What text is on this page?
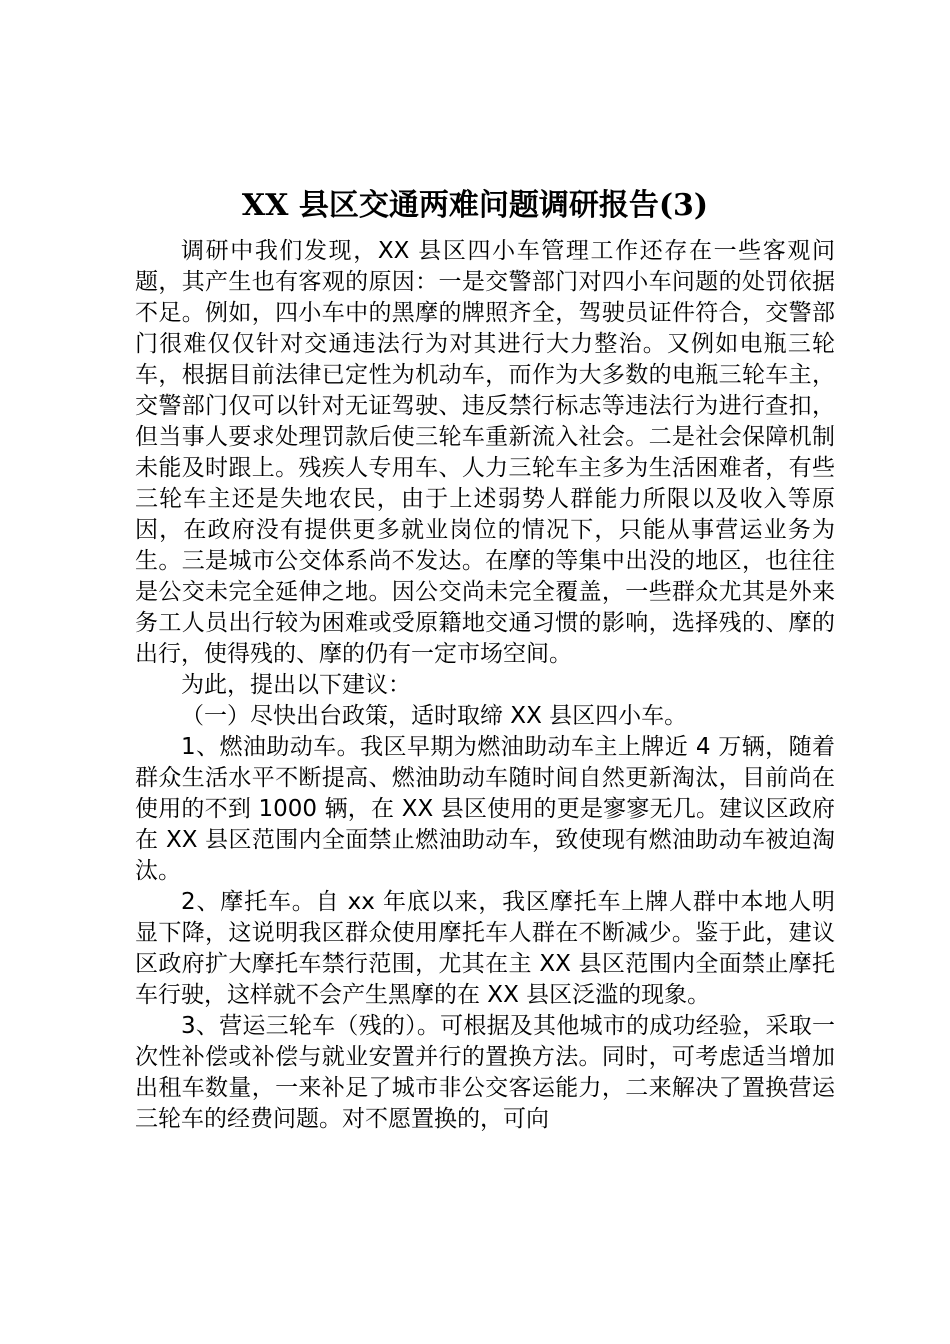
XX 县区交通两难问题调研报告(3)

调研中我们发现，XX 县区四小车管理工作还存在一些客观问题，其产生也有客观的原因：一是交警部门对四小车问题的处罚依据不足。例如，四小车中的黑摩的牌照齐全，驾驶员证件符合，交警部门很难仅仅针对交通违法行为对其进行大力整治。又例如电瓶三轮车，根据目前法律已定性为机动车，而作为大多数的电瓶三轮车主，交警部门仅可以针对无证驾驶、违反禁行标志等违法行为进行查扣，但当事人要求处理罚款后使三轮车重新流入社会。二是社会保障机制未能及时跟上。残疾人专用车、人力三轮车主多为生活困难者，有些三轮车主还是失地农民，由于上述弱势人群能力所限以及收入等原因，在政府没有提供更多就业岗位的情况下，只能从事营运业务为生。三是城市公交体系尚不发达。在摩的等集中出没的地区，也往往是公交未完全延伸之地。因公交尚未完全覆盖，一些群众尤其是外来务工人员出行较为困难或受原籍地交通习惯的影响，选择残的、摩的出行，使得残的、摩的仍有一定市场空间。

为此，提出以下建议：

（一）尽快出台政策，适时取缔 XX 县区四小车。

1、燃油助动车。我区早期为燃油助动车主上牌近 4 万辆，随着群众生活水平不断提高、燃油助动车随时间自然更新淘汰，目前尚在使用的不到 1000 辆，在 XX 县区使用的更是寥寥无几。建议区政府在 XX 县区范围内全面禁止燃油助动车，致使现有燃油助动车被迫淘汰。

2、摩托车。自 xx 年底以来，我区摩托车上牌人群中本地人明显下降，这说明我区群众使用摩托车人群在不断减少。鉴于此，建议区政府扩大摩托车禁行范围，尤其在主 XX 县区范围内全面禁止摩托车行驶，这样就不会产生黑摩的在 XX 县区泛滥的现象。

3、营运三轮车（残的）。可根据及其他城市的成功经验，采取一次性补偿或补偿与就业安置并行的置换方法。同时，可考虑适当增加出租车数量，一来补足了城市非公交客运能力，二来解决了置换营运三轮车的经费问题。对不愿置换的，可向
